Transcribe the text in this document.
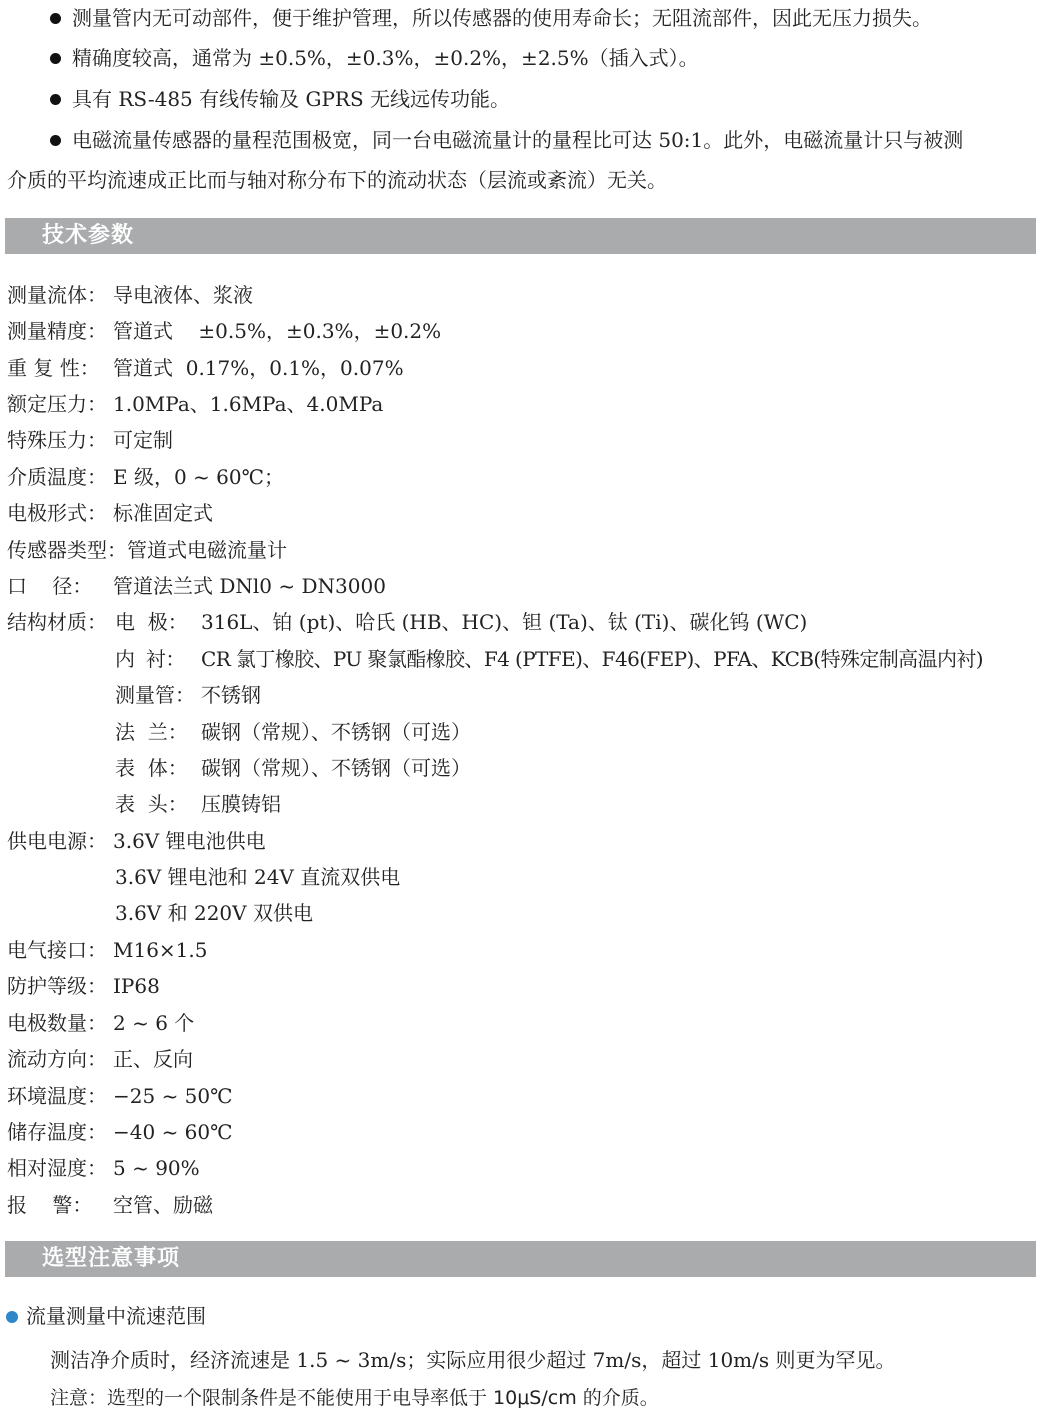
测量管内无可动部件，便于维护管理，所以传感器的使用寿命长；无阻流部件，因此无压力损失。
精确度较高，通常为 ±0.5%，±0.3%，±0.2%，±2.5%（插入式）。
具有 RS-485 有线传输及 GPRS 无线远传功能。
电磁流量传感器的量程范围极宽，同一台电磁流量计的量程比可达 50:1。此外，电磁流量计只与被测
介质的平均流速成正比而与轴对称分布下的流动状态（层流或紊流）无关。
技术参数
测量流体： 导电液体、浆液
测量精度： 管道式    ±0.5%，±0.3%，±0.2%
重 复 性： 管道式  0.17%，0.1%，0.07%
额定压力： 1.0MPa、1.6MPa、4.0MPa
特殊压力： 可定制
介质温度： E 级，0 ~ 60℃；
电极形式： 标准固定式
传感器类型：管道式电磁流量计
口    径： 管道法兰式 DNl0 ~ DN3000
结构材质： 电  极： 316L、铂 (pt)、哈氏 (HB、HC)、钽 (Ta)、钛 (Ti)、碳化钨 (WC)
内  衬： CR 氯丁橡胶、PU 聚氯酯橡胶、F4 (PTFE)、F46(FEP)、PFA、KCB(特殊定制高温内衬)
测量管： 不锈钢
法  兰： 碳钢（常规）、不锈钢（可选）
表  体： 碳钢（常规）、不锈钢（可选）
表  头： 压膜铸铝
供电电源： 3.6V 锂电池供电
3.6V 锂电池和 24V 直流双供电
3.6V 和 220V 双供电
电气接口： M16×1.5
防护等级： IP68
电极数量： 2 ~ 6 个
流动方向： 正、反向
环境温度： −25 ~ 50℃
储存温度： −40 ~ 60℃
相对湿度： 5 ~ 90%
报    警： 空管、励磁
选型注意事项
流量测量中流速范围
测洁净介质时，经济流速是 1.5 ~ 3m/s；实际应用很少超过 7m/s，超过 10m/s 则更为罕见。
注意：选型的一个限制条件是不能使用于电导率低于 10μS/cm 的介质。
